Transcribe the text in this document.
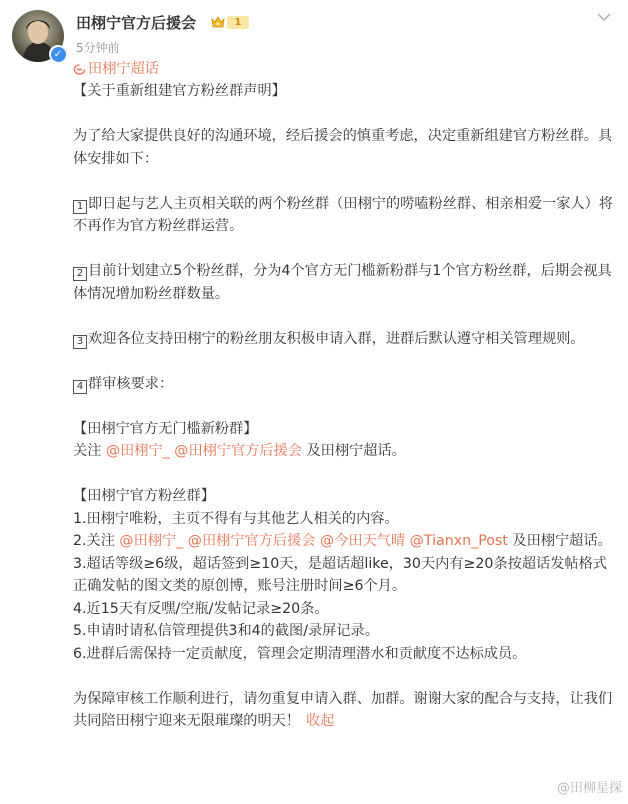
✓
田栩宁官方后援会	1
5分钟前
田栩宁超话
【关于重新组建官方粉丝群声明】
为了给大家提供良好的沟通环境，经后援会的慎重考虑，决定重新组建官方粉丝群。具体安排如下：
1 即日起与艺人主页相关联的两个粉丝群（田栩宁的唠嗑粉丝群、相亲相爱一家人）将不再作为官方粉丝群运营。
2 目前计划建立5个粉丝群，分为4个官方无门槛新粉群与1个官方粉丝群，后期会视具体情况增加粉丝群数量。
3 欢迎各位支持田栩宁的粉丝朋友积极申请入群，进群后默认遵守相关管理规则。
4 群审核要求：
【田栩宁官方无门槛新粉群】
关注 @田栩宁_ @田栩宁官方后援会 及田栩宁超话。
【田栩宁官方粉丝群】
1.田栩宁唯粉，主页不得有与其他艺人相关的内容。
2.关注 @田栩宁_ @田栩宁官方后援会 @今田天气晴 @Tianxn_Post 及田栩宁超话。
3.超话等级≥6级，超话签到≥10天，是超话超like，30天内有≥20条按超话发帖格式正确发帖的图文类的原创博，账号注册时间≥6个月。
4.近15天有反嘿/空瓶/发帖记录≥20条。
5.申请时请私信管理提供3和4的截图/录屏记录。
6.进群后需保持一定贡献度，管理会定期清理潜水和贡献度不达标成员。
为保障审核工作顺利进行，请勿重复申请入群、加群。谢谢大家的配合与支持，让我们共同陪田栩宁迎来无限璀璨的明天！ 收起
@田柳星探
